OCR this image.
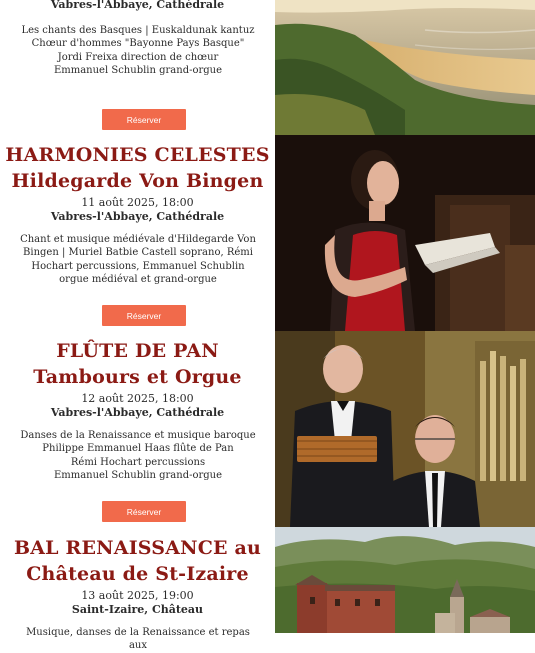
Vabres-l'Abbaye, Cathédrale
Les chants des Basques | Euskaldunak kantuz
Chœur d'hommes "Bayonne Pays Basque"
Jordi Freixa direction de chœur
Emmanuel Schublin grand-orgue
Réserver
HARMONIES CELESTES
Hildegarde Von Bingen
11 août 2025, 18:00
Vabres-l'Abbaye, Cathédrale
Chant et musique médiévale d'Hildegarde Von
Bingen | Muriel Batbie Castell soprano, Rémi
Hochart percussions, Emmanuel Schublin
orgue médiéval et grand-orgue
Réserver
FLÛTE DE PAN
Tambours et Orgue
12 août 2025, 18:00
Vabres-l'Abbaye, Cathédrale
Danses de la Renaissance et musique baroque
Philippe Emmanuel Haas flûte de Pan
Rémi Hochart percussions
Emmanuel Schublin grand-orgue
Réserver
BAL RENAISSANCE au
Château de St-Izaire
13 août 2025, 19:00
Saint-Izaire, Château
Musique, danses de la Renaissance et repas aux
